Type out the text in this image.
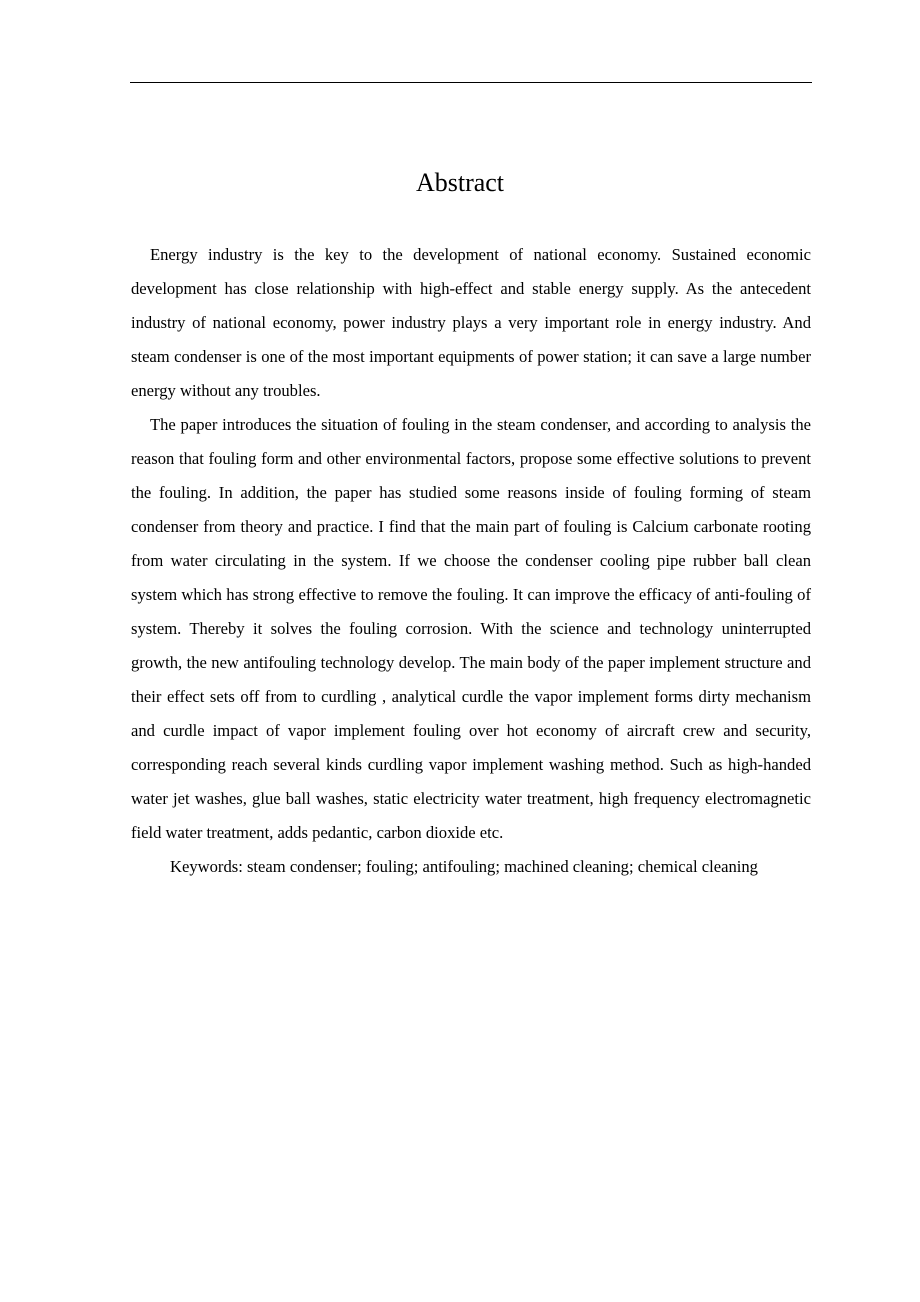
Abstract

Energy industry is the key to the development of national economy. Sustained economic development has close relationship with high-effect and stable energy supply. As the antecedent industry of national economy, power industry plays a very important role in energy industry. And steam condenser is one of the most important equipments of power station; it can save a large number energy without any troubles.

The paper introduces the situation of fouling in the steam condenser, and according to analysis the reason that fouling form and other environmental factors, propose some effective solutions to prevent the fouling. In addition, the paper has studied some reasons inside of fouling forming of steam condenser from theory and practice. I find that the main part of fouling is Calcium carbonate rooting from water circulating in the system. If we choose the condenser cooling pipe rubber ball clean system which has strong effective to remove the fouling. It can improve the efficacy of anti-fouling of system. Thereby it solves the fouling corrosion. With the science and technology uninterrupted growth, the new antifouling technology develop. The main body of the paper implement structure and their effect sets off from to curdling , analytical curdle the vapor implement forms dirty mechanism and curdle impact of vapor implement fouling over hot economy of aircraft crew and security, corresponding reach several kinds curdling vapor implement washing method. Such as high-handed water jet washes, glue ball washes, static electricity water treatment, high frequency electromagnetic field water treatment, adds pedantic, carbon dioxide etc.

Keywords: steam condenser; fouling; antifouling; machined cleaning; chemical cleaning
